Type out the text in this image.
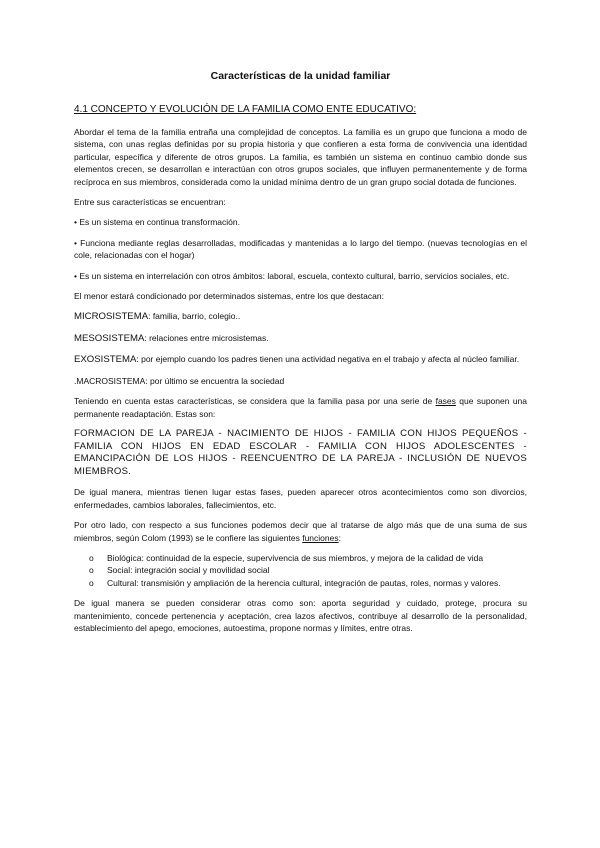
Características de la unidad familiar
4.1 CONCEPTO Y EVOLUCIÓN DE LA FAMILIA COMO ENTE EDUCATIVO:

Abordar el tema de la familia entraña una complejidad de conceptos. La familia es un grupo que funciona a modo de sistema, con unas reglas definidas por su propia historia y que confieren a esta forma de convivencia una identidad particular, específica y diferente de otros grupos. La familia, es también un sistema en continuo cambio donde sus elementos crecen, se desarrollan e interactúan con otros grupos sociales, que influyen permanentemente y de forma recíproca en sus miembros, considerada como la unidad mínima dentro de un gran grupo social dotada de funciones.

Entre sus características se encuentran:

• Es un sistema en continua transformación.

• Funciona mediante reglas desarrolladas, modificadas y mantenidas a lo largo del tiempo. (nuevas tecnologías en el cole, relacionadas con el hogar)

• Es un sistema en interrelación con otros ámbitos: laboral, escuela, contexto cultural, barrio, servicios sociales, etc.

El menor estará condicionado por determinados sistemas, entre los que destacan:

MICROSISTEMA: familia, barrio, colegio..

MESOSISTEMA: relaciones entre microsistemas.

EXOSISTEMA: por ejemplo cuando los padres tienen una actividad negativa en el trabajo y afecta al núcleo familiar.

.MACROSISTEMA: por último se encuentra la sociedad

Teniendo en cuenta estas características, se considera que la familia pasa por una serie de fases que suponen una permanente readaptación. Estas son:

FORMACION DE LA PAREJA - NACIMIENTO DE HIJOS - FAMILIA CON HIJOS PEQUEÑOS - FAMILIA CON HIJOS EN EDAD ESCOLAR - FAMILIA CON HIJOS ADOLESCENTES - EMANCIPACIÓN DE LOS HIJOS - REENCUENTRO DE LA PAREJA - INCLUSIÓN DE NUEVOS MIEMBROS.

De igual manera, mientras tienen lugar estas fases, pueden aparecer otros acontecimientos como son divorcios, enfermedades, cambios laborales, fallecimientos, etc.

Por otro lado, con respecto a sus funciones podemos decir que al tratarse de algo más que de una suma de sus miembros, según Colom (1993) se le confiere las siguientes funciones:

o Biológica: continuidad de la especie, supervivencia de sus miembros, y mejora de la calidad de vida
o Social: integración social y movilidad social
o Cultural: transmisión y ampliación de la herencia cultural, integración de pautas, roles, normas y valores.

De igual manera se pueden considerar otras como son: aporta seguridad y cuidado, protege, procura su mantenimiento, concede pertenencia y aceptación, crea lazos afectivos, contribuye al desarrollo de la personalidad, establecimiento del apego, emociones, autoestima, propone normas y límites, entre otras.
